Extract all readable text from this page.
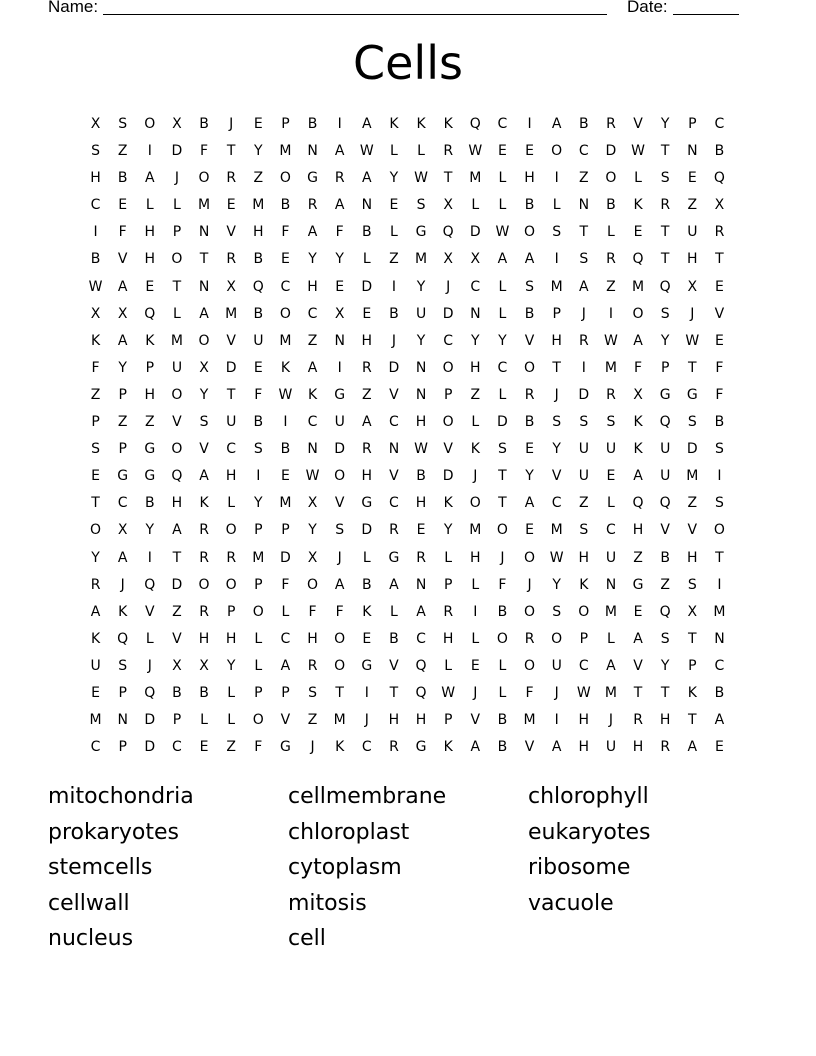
Name:	Date:
Cells
X	S	O	X	B	J	E	P	B	I	A	K	K	K	Q	C	I	A	B	R	V	Y	P	C
S	Z	I	D	F	T	Y	M	N	A	W	L	L	R	W	E	E	O	C	D	W	T	N	B
H	B	A	J	O	R	Z	O	G	R	A	Y	W	T	M	L	H	I	Z	O	L	S	E	Q
C	E	L	L	M	E	M	B	R	A	N	E	S	X	L	L	B	L	N	B	K	R	Z	X
I	F	H	P	N	V	H	F	A	F	B	L	G	Q	D	W	O	S	T	L	E	T	U	R
B	V	H	O	T	R	B	E	Y	Y	L	Z	M	X	X	A	A	I	S	R	Q	T	H	T
W	A	E	T	N	X	Q	C	H	E	D	I	Y	J	C	L	S	M	A	Z	M	Q	X	E
X	X	Q	L	A	M	B	O	C	X	E	B	U	D	N	L	B	P	J	I	O	S	J	V
K	A	K	M	O	V	U	M	Z	N	H	J	Y	C	Y	Y	V	H	R	W	A	Y	W	E
F	Y	P	U	X	D	E	K	A	I	R	D	N	O	H	C	O	T	I	M	F	P	T	F
Z	P	H	O	Y	T	F	W	K	G	Z	V	N	P	Z	L	R	J	D	R	X	G	G	F
P	Z	Z	V	S	U	B	I	C	U	A	C	H	O	L	D	B	S	S	S	K	Q	S	B
S	P	G	O	V	C	S	B	N	D	R	N	W	V	K	S	E	Y	U	U	K	U	D	S
E	G	G	Q	A	H	I	E	W	O	H	V	B	D	J	T	Y	V	U	E	A	U	M	I
T	C	B	H	K	L	Y	M	X	V	G	C	H	K	O	T	A	C	Z	L	Q	Q	Z	S
O	X	Y	A	R	O	P	P	Y	S	D	R	E	Y	M	O	E	M	S	C	H	V	V	O
Y	A	I	T	R	R	M	D	X	J	L	G	R	L	H	J	O	W	H	U	Z	B	H	T
R	J	Q	D	O	O	P	F	O	A	B	A	N	P	L	F	J	Y	K	N	G	Z	S	I
A	K	V	Z	R	P	O	L	F	F	K	L	A	R	I	B	O	S	O	M	E	Q	X	M
K	Q	L	V	H	H	L	C	H	O	E	B	C	H	L	O	R	O	P	L	A	S	T	N
U	S	J	X	X	Y	L	A	R	O	G	V	Q	L	E	L	O	U	C	A	V	Y	P	C
E	P	Q	B	B	L	P	P	S	T	I	T	Q	W	J	L	F	J	W	M	T	T	K	B
M	N	D	P	L	L	O	V	Z	M	J	H	H	P	V	B	M	I	H	J	R	H	T	A
C	P	D	C	E	Z	F	G	J	K	C	R	G	K	A	B	V	A	H	U	H	R	A	E
mitochondria	cellmembrane	chlorophyll
prokaryotes	chloroplast	eukaryotes
stemcells	cytoplasm	ribosome
cellwall	mitosis	vacuole
nucleus	cell
